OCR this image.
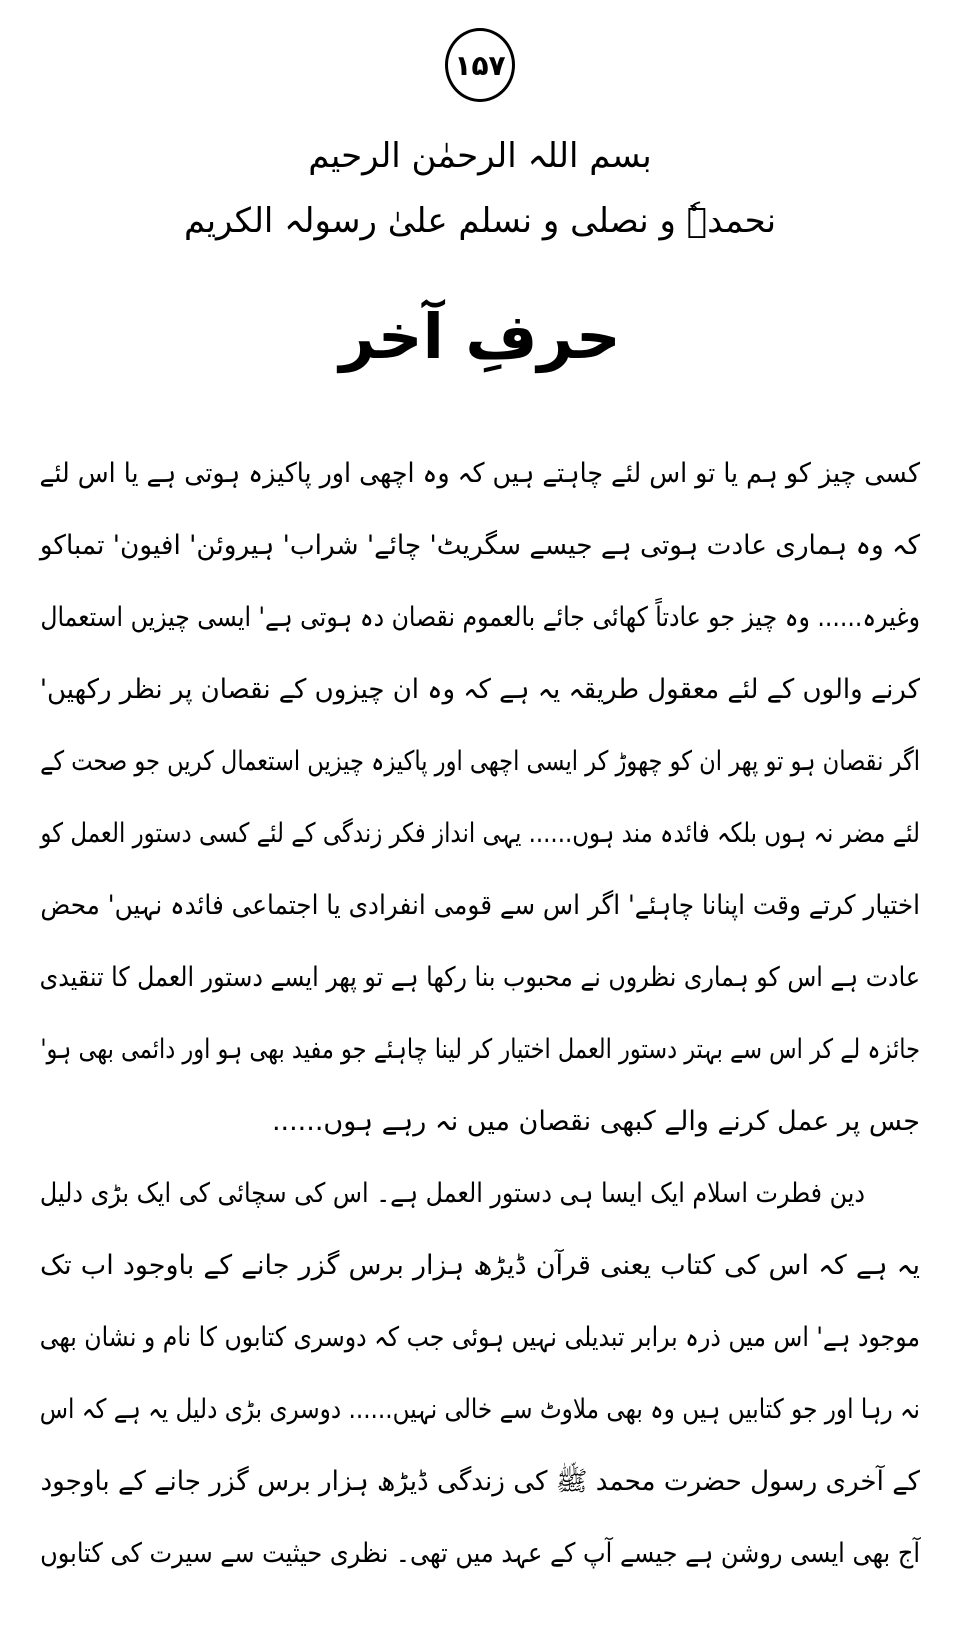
۱۵۷
بسم اللہ الرحمٰن الرحیم
نحمدہٗ و نصلی و نسلم علیٰ رسولہ الکریم
حرفِ آخر
کسی چیز کو ہم یا تو اس لئے چاہتے ہیں کہ وہ اچھی اور پاکیزہ ہوتی ہے یا اس لئے
کہ وہ ہماری عادت ہوتی ہے جیسے سگریٹ' چائے' شراب' ہیروئن' افیون' تمباکو
وغیرہ...... وہ چیز جو عادتاً کھائی جائے بالعموم نقصان دہ ہوتی ہے' ایسی چیزیں استعمال
کرنے والوں کے لئے معقول طریقہ یہ ہے کہ وہ ان چیزوں کے نقصان پر نظر رکھیں'
اگر نقصان ہو تو پھر ان کو چھوڑ کر ایسی اچھی اور پاکیزہ چیزیں استعمال کریں جو صحت کے
لئے مضر نہ ہوں بلکہ فائدہ مند ہوں...... یہی انداز فکر زندگی کے لئے کسی دستور العمل کو
اختیار کرتے وقت اپنانا چاہئے' اگر اس سے قومی انفرادی یا اجتماعی فائدہ نہیں' محض
عادت ہے اس کو ہماری نظروں نے محبوب بنا رکھا ہے تو پھر ایسے دستور العمل کا تنقیدی
جائزہ لے کر اس سے بہتر دستور العمل اختیار کر لینا چاہئے جو مفید بھی ہو اور دائمی بھی ہو'
جس پر عمل کرنے والے کبھی نقصان میں نہ رہے ہوں......
دین فطرت اسلام ایک ایسا ہی دستور العمل ہے۔ اس کی سچائی کی ایک بڑی دلیل
یہ ہے کہ اس کی کتاب یعنی قرآن ڈیڑھ ہزار برس گزر جانے کے باوجود اب تک
موجود ہے' اس میں ذرہ برابر تبدیلی نہیں ہوئی جب کہ دوسری کتابوں کا نام و نشان بھی
نہ رہا اور جو کتابیں ہیں وہ بھی ملاوٹ سے خالی نہیں...... دوسری بڑی دلیل یہ ہے کہ اس
کے آخری رسول حضرت محمد ﷺ کی زندگی ڈیڑھ ہزار برس گزر جانے کے باوجود
آج بھی ایسی روشن ہے جیسے آپ کے عہد میں تھی۔ نظری حیثیت سے سیرت کی کتابوں
